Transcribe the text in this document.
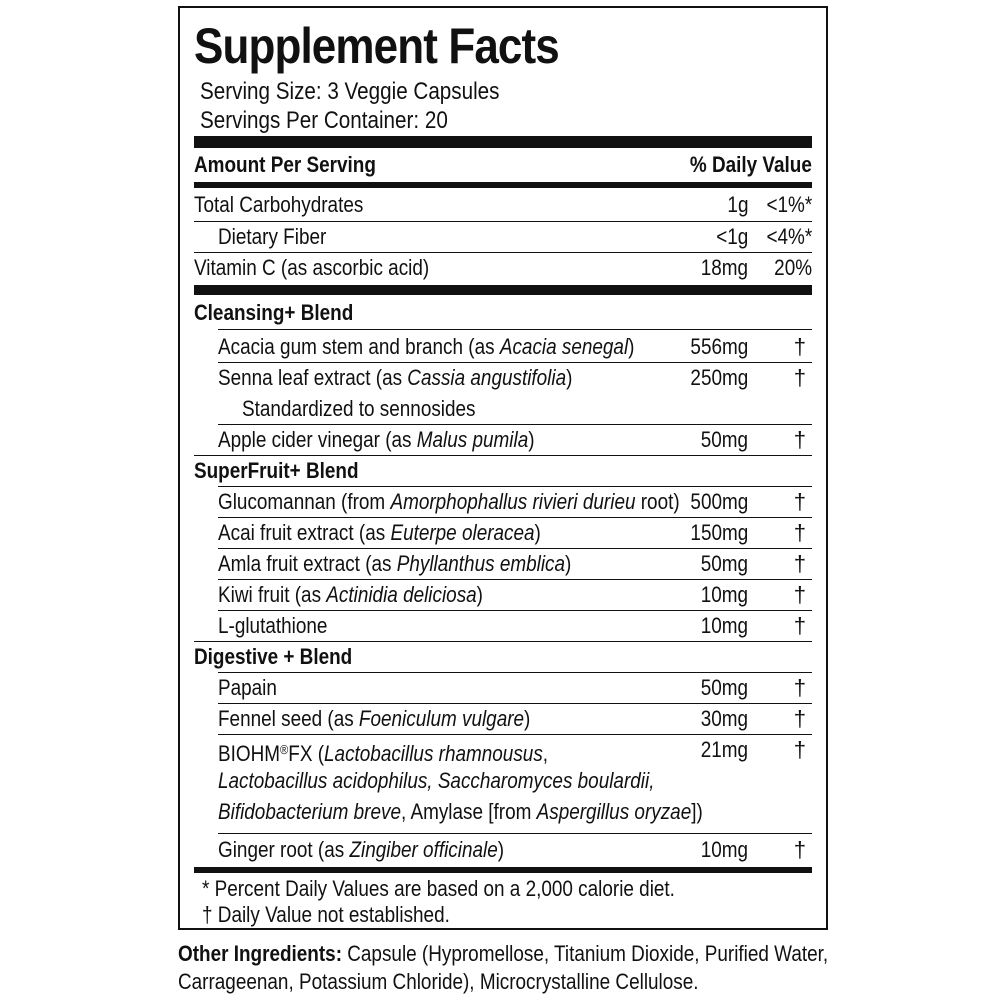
Supplement Facts
Serving Size: 3 Veggie Capsules
Servings Per Container: 20
Amount Per Serving	% Daily Value
Total Carbohydrates	1g <1%*
Dietary Fiber	<1g <4%*
Vitamin C (as ascorbic acid)	18mg 20%
Cleansing+ Blend
Acacia gum stem and branch (as Acacia senegal)	556mg †
Senna leaf extract (as Cassia angustifolia)	250mg †
Standardized to sennosides
Apple cider vinegar (as Malus pumila)	50mg †
SuperFruit+ Blend
Glucomannan (from Amorphophallus rivieri durieu root) 500mg †
Acai fruit extract (as Euterpe oleracea)	150mg †
Amla fruit extract (as Phyllanthus emblica)	50mg †
Kiwi fruit (as Actinidia deliciosa)	10mg †
L-glutathione	10mg †
Digestive + Blend
Papain	50mg †
Fennel seed (as Foeniculum vulgare)	30mg †
BIOHM®FX (Lactobacillus rhamnousus,	21mg †
Lactobacillus acidophilus, Saccharomyces boulardii,
Bifidobacterium breve, Amylase [from Aspergillus oryzae])
Ginger root (as Zingiber officinale)	10mg †
* Percent Daily Values are based on a 2,000 calorie diet.
† Daily Value not established.
Other Ingredients: Capsule (Hypromellose, Titanium Dioxide, Purified Water, Carrageenan, Potassium Chloride), Microcrystalline Cellulose.
